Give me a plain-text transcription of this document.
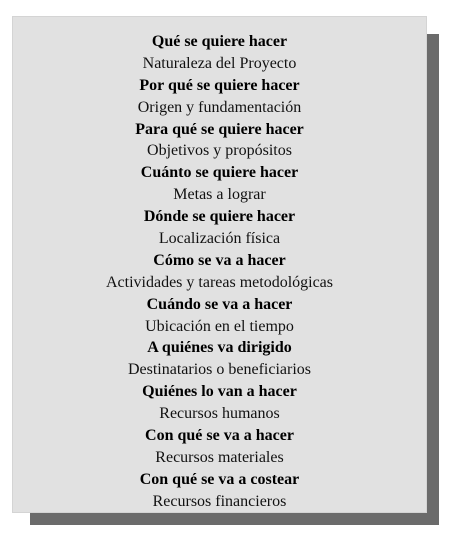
Qué se quiere hacer
Naturaleza del Proyecto
Por qué se quiere hacer
Origen y fundamentación
Para qué se quiere hacer
Objetivos y propósitos
Cuánto se quiere hacer
Metas a lograr
Dónde se quiere hacer
Localización física
Cómo se va a hacer
Actividades y tareas metodológicas
Cuándo se va a hacer
Ubicación en el tiempo
A quiénes va dirigido
Destinatarios o beneficiarios
Quiénes lo van a hacer
Recursos humanos
Con qué se va a hacer
Recursos materiales
Con qué se va a costear
Recursos financieros
